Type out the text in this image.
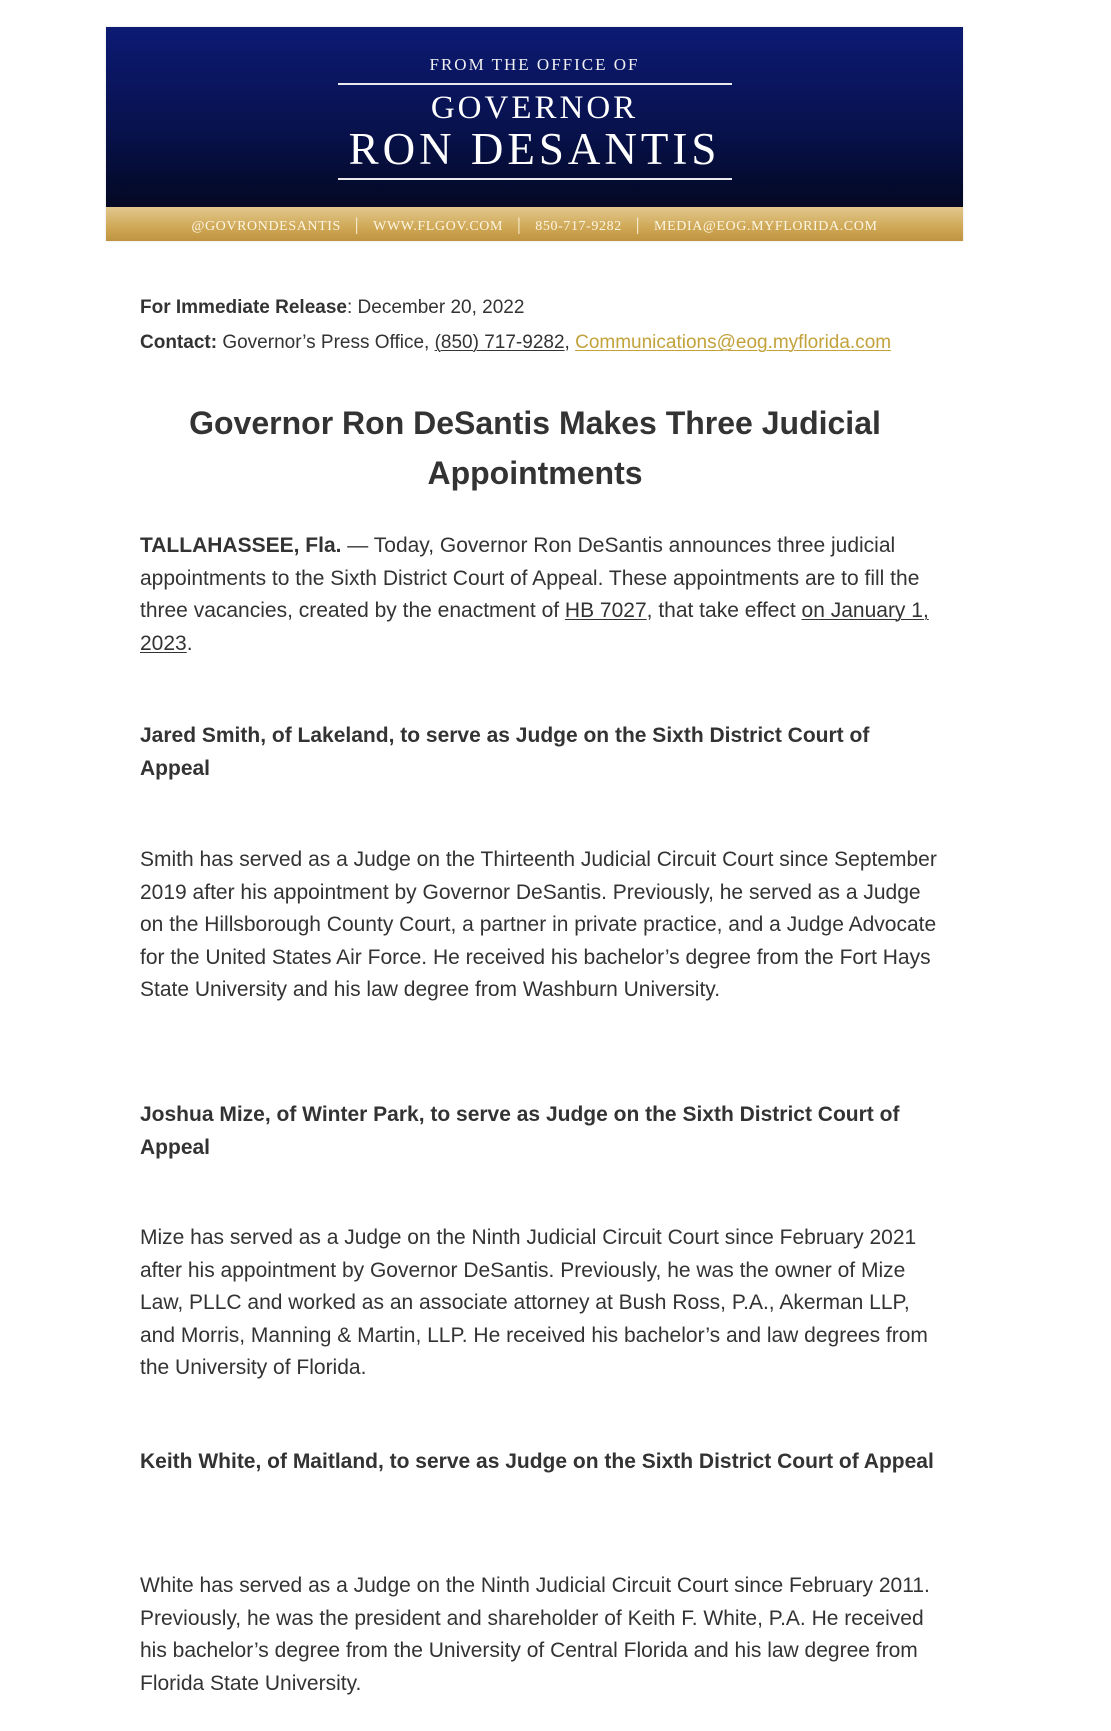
FROM THE OFFICE OF
GOVERNOR
RON DESANTIS
@GOVRONDESANTIS | WWW.FLGOV.COM | 850-717-9282 | MEDIA@EOG.MYFLORIDA.COM
For Immediate Release: December 20, 2022
Contact: Governor’s Press Office, (850) 717-9282, Communications@eog.myflorida.com
Governor Ron DeSantis Makes Three Judicial Appointments
TALLAHASSEE, Fla. — Today, Governor Ron DeSantis announces three judicial appointments to the Sixth District Court of Appeal. These appointments are to fill the three vacancies, created by the enactment of HB 7027, that take effect on January 1, 2023.
Jared Smith, of Lakeland, to serve as Judge on the Sixth District Court of Appeal
Smith has served as a Judge on the Thirteenth Judicial Circuit Court since September 2019 after his appointment by Governor DeSantis. Previously, he served as a Judge on the Hillsborough County Court, a partner in private practice, and a Judge Advocate for the United States Air Force. He received his bachelor’s degree from the Fort Hays State University and his law degree from Washburn University.
Joshua Mize, of Winter Park, to serve as Judge on the Sixth District Court of Appeal
Mize has served as a Judge on the Ninth Judicial Circuit Court since February 2021 after his appointment by Governor DeSantis. Previously, he was the owner of Mize Law, PLLC and worked as an associate attorney at Bush Ross, P.A., Akerman LLP, and Morris, Manning & Martin, LLP. He received his bachelor’s and law degrees from the University of Florida.
Keith White, of Maitland, to serve as Judge on the Sixth District Court of Appeal
White has served as a Judge on the Ninth Judicial Circuit Court since February 2011. Previously, he was the president and shareholder of Keith F. White, P.A. He received his bachelor’s degree from the University of Central Florida and his law degree from Florida State University.
